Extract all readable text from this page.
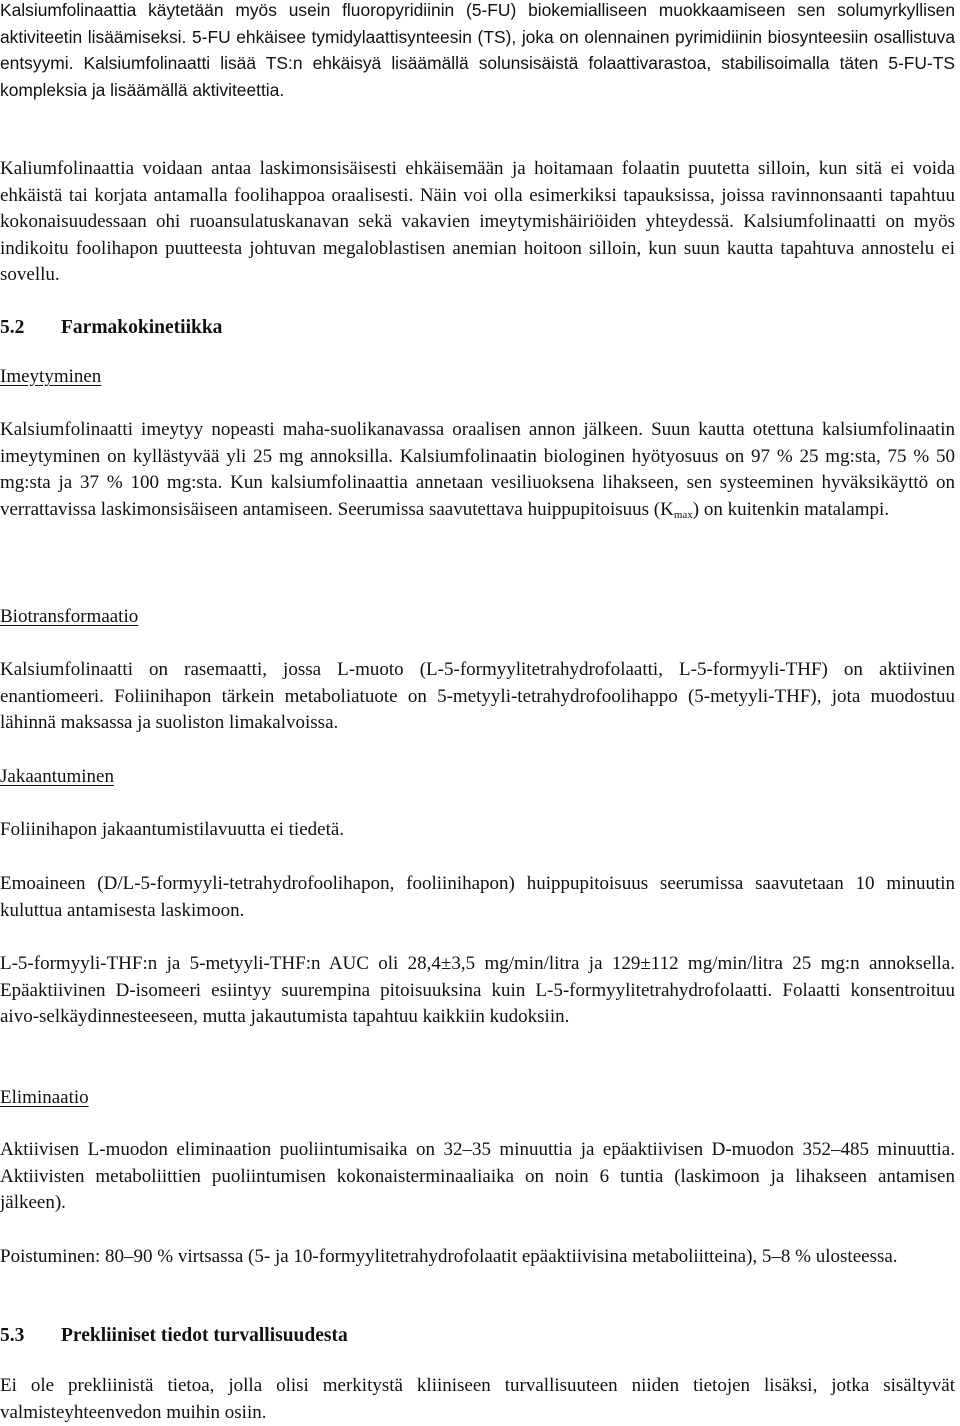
Kalsiumfolinaattia käytetään myös usein fluoropyridiinin (5-FU) biokemialliseen muokkaamiseen sen solumyrkyllisen aktiviteetin lisäämiseksi. 5-FU ehkäisee tymidylaattisynteesin (TS), joka on olennainen pyrimidiinin biosynteesiin osallistuva entsyymi. Kalsiumfolinaatti lisää TS:n ehkäisyä lisäämällä solunsisäistä folaattivarastoa, stabilisoimalla täten 5-FU-TS kompleksia ja lisäämällä aktiviteettia.

Kaliumfolinaattia voidaan antaa laskimonsisäisesti ehkäisemään ja hoitamaan folaatin puutetta silloin, kun sitä ei voida ehkäistä tai korjata antamalla foolihappoa oraalisesti. Näin voi olla esimerkiksi tapauksissa, joissa ravinnonsaanti tapahtuu kokonaisuudessaan ohi ruoansulatuskanavan sekä vakavien imeytymishäiriöiden yhteydessä. Kalsiumfolinaatti on myös indikoitu foolihapon puutteesta johtuvan megaloblastisen anemian hoitoon silloin, kun suun kautta tapahtuva annostelu ei sovellu.

5.2 Farmakokinetiikka

Imeytyminen

Kalsiumfolinaatti imeytyy nopeasti maha-suolikanavassa oraalisen annon jälkeen. Suun kautta otettuna kalsiumfolinaatin imeytyminen on kyllästyvää yli 25 mg annoksilla. Kalsiumfolinaatin biologinen hyötyosuus on 97 % 25 mg:sta, 75 % 50 mg:sta ja 37 % 100 mg:sta. Kun kalsiumfolinaattia annetaan vesiliuoksena lihakseen, sen systeeminen hyväksikäyttö on verrattavissa laskimonsisäiseen antamiseen. Seerumissa saavutettava huippupitoisuus $(K_{max})$ on kuitenkin matalampi.

Biotransformaatio

Kalsiumfolinaatti on rasemaatti, jossa L-muoto (L-5-formyylitetrahydrofolaatti, L-5-formyyli-THF) on aktiivinen enantiomeeri. Foliinihapon tärkein metaboliatuote on 5-metyyli-tetrahydrofoolihappo (5-metyyli-THF), jota muodostuu lähinnä maksassa ja suoliston limakalvoissa.

Jakaantuminen

Foliinihapon jakaantumistilavuutta ei tiedetä.

Emoaineen (D/L-5-formyyli-tetrahydrofoolihapon, fooliinihapon) huippupitoisuus seerumissa saavutetaan 10 minuutin kuluttua antamisesta laskimoon.

L-5-formyyli-THF:n ja 5-metyyli-THF:n AUC oli 28,4±3,5 mg/min/litra ja 129±112 mg/min/litra 25 mg:n annoksella. Epäaktiivinen D-isomeeri esiintyy suurempina pitoisuuksina kuin L-5-formyylitetrahydrofolaatti. Folaatti konsentroituu aivo-selkäydinnesteeseen, mutta jakautumista tapahtuu kaikkiin kudoksiin.

Eliminaatio

Aktiivisen L-muodon eliminaation puoliintumisaika on 32–35 minuuttia ja epäaktiivisen D-muodon 352–485 minuuttia. Aktiivisten metaboliittien puoliintumisen kokonaisterminaaliaika on noin 6 tuntia (laskimoon ja lihakseen antamisen jälkeen).

Poistuminen: 80–90 % virtsassa (5- ja 10-formyylitetrahydrofolaatit epäaktiivisina metaboliitteina), 5–8 % ulosteessa.

5.3 Prekliiniset tiedot turvallisuudesta

Ei ole prekliinistä tietoa, jolla olisi merkitystä kliiniseen turvallisuuteen niiden tietojen lisäksi, jotka sisältyvät valmisteyhteenvedon muihin osiin.
